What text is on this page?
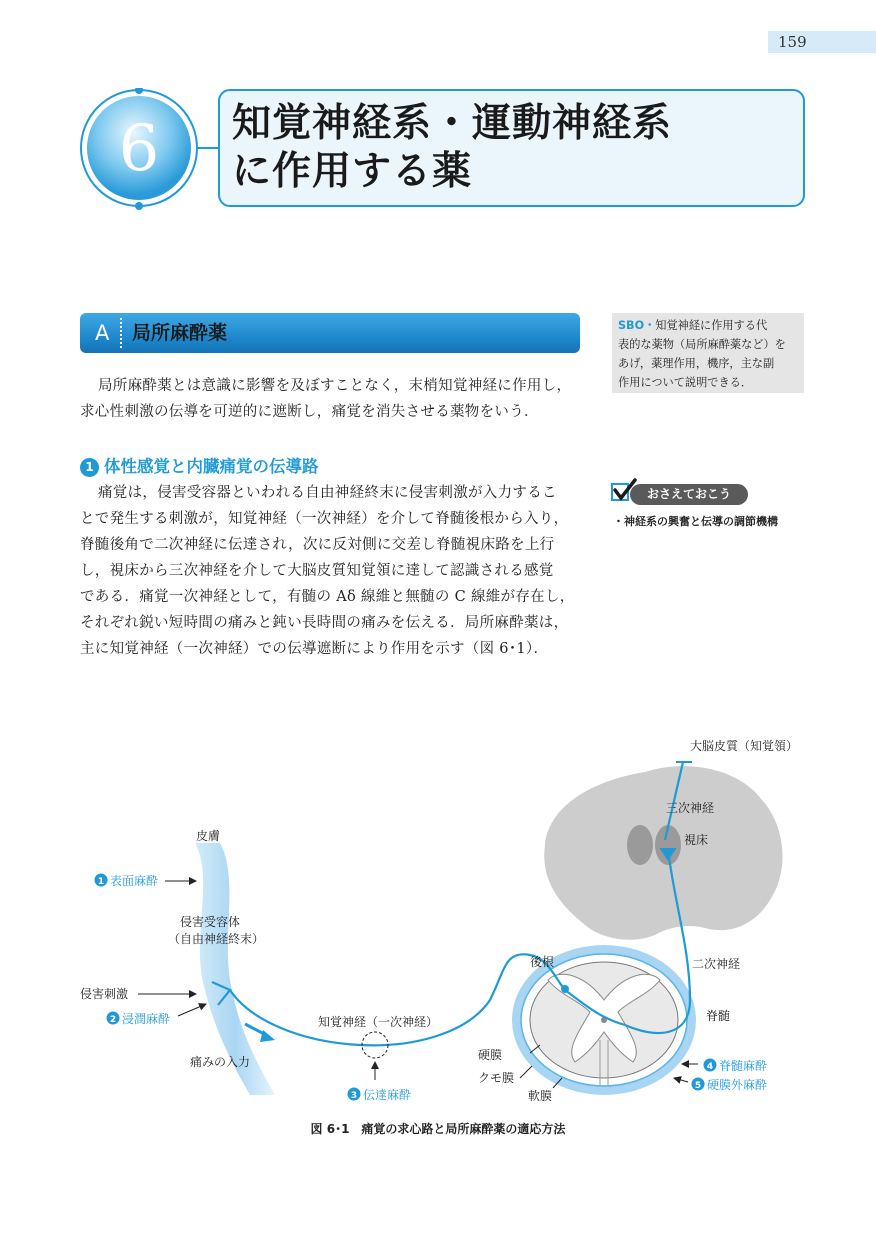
159
6 知覚神経系・運動神経系
に作用する薬
A 局所麻酔薬
局所麻酔薬とは意識に影響を及ぼすことなく，末梢知覚神経に作用し，
求心性刺激の伝導を可逆的に遮断し，痛覚を消失させる薬物をいう．
SBO・知覚神経に作用する代
表的な薬物（局所麻酔薬など）を
あげ，薬理作用，機序，主な副
作用について説明できる．
1 体性感覚と内臓痛覚の伝導路
痛覚は，侵害受容器といわれる自由神経終末に侵害刺激が入力するこ
とで発生する刺激が，知覚神経（一次神経）を介して脊髄後根から入り，
脊髄後角で二次神経に伝達され，次に反対側に交差し脊髄視床路を上行
し，視床から三次神経を介して大脳皮質知覚領に達して認識される感覚
である．痛覚一次神経として，有髄の Aδ 線維と無髄の C 線維が存在し，
それぞれ鋭い短時間の痛みと鈍い長時間の痛みを伝える．局所麻酔薬は，
主に知覚神経（一次神経）での伝導遮断により作用を示す（図 6･1）．
おさえておこう
・神経系の興奮と伝導の調節機構
大脳皮質（知覚領）
三次神経
視床
皮膚
侵害受容体
（自由神経終末）
侵害刺激
痛みの入力
知覚神経（一次神経）
後根	二次神経
脊髄
硬膜
クモ膜
軟膜
1 表面麻酔
2 浸潤麻酔
3 伝達麻酔
4 脊髄麻酔
5 硬膜外麻酔
図 6･1　痛覚の求心路と局所麻酔薬の適応方法
